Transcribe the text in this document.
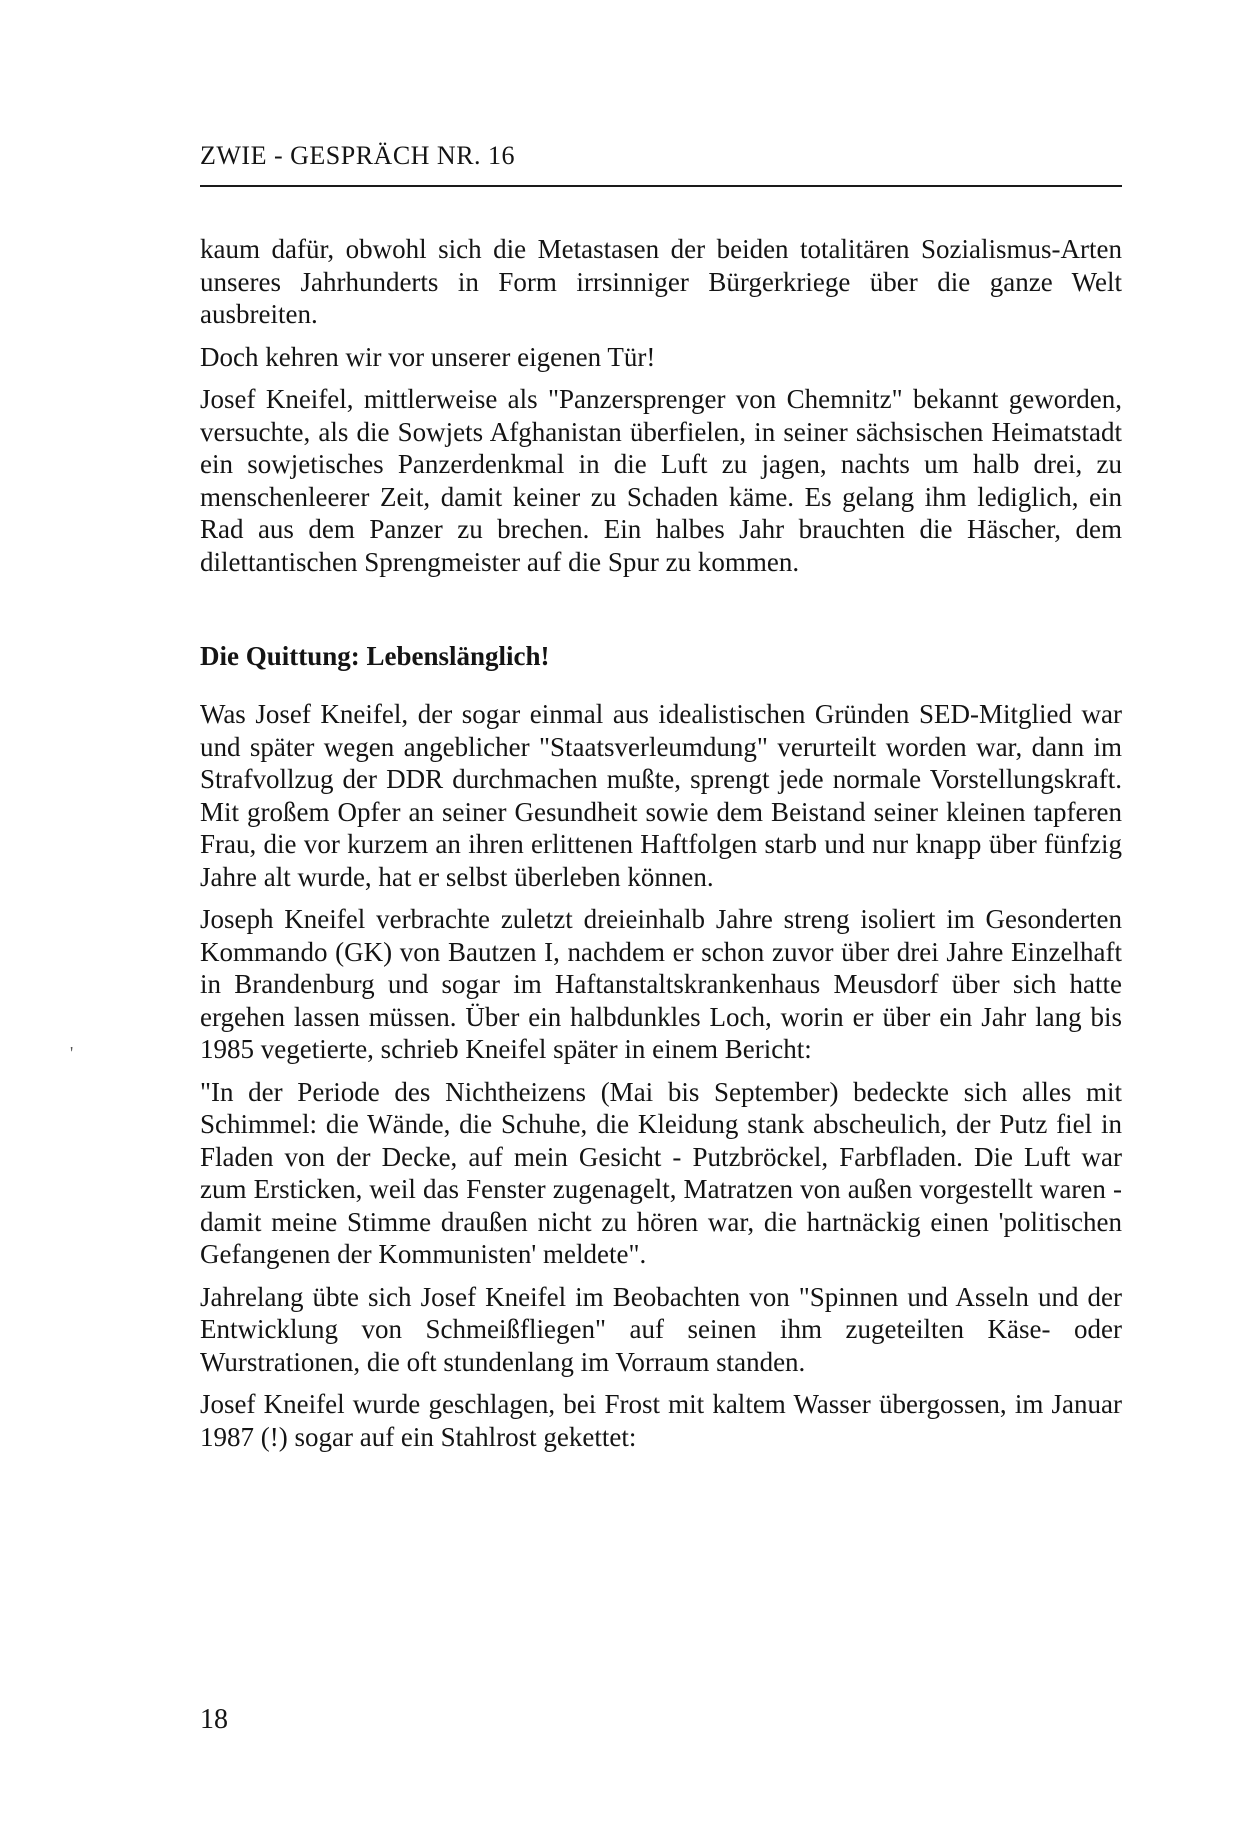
ZWIE - GESPRÄCH NR. 16

kaum dafür, obwohl sich die Metastasen der beiden totalitären Sozialismus-Arten unseres Jahrhunderts in Form irrsinniger Bürgerkriege über die ganze Welt ausbreiten.

Doch kehren wir vor unserer eigenen Tür!

Josef Kneifel, mittlerweise als "Panzersprenger von Chemnitz" bekannt geworden, versuchte, als die Sowjets Afghanistan überfielen, in seiner sächsischen Heimatstadt ein sowjetisches Panzerdenkmal in die Luft zu jagen, nachts um halb drei, zu menschenleerer Zeit, damit keiner zu Schaden käme. Es gelang ihm lediglich, ein Rad aus dem Panzer zu brechen. Ein halbes Jahr brauchten die Häscher, dem dilettantischen Sprengmeister auf die Spur zu kommen.

Die Quittung: Lebenslänglich!

Was Josef Kneifel, der sogar einmal aus idealistischen Gründen SED-Mitglied war und später wegen angeblicher "Staatsverleumdung" verurteilt worden war, dann im Strafvollzug der DDR durchmachen mußte, sprengt jede normale Vorstellungskraft. Mit großem Opfer an seiner Gesundheit sowie dem Beistand seiner kleinen tapferen Frau, die vor kurzem an ihren erlittenen Haftfolgen starb und nur knapp über fünfzig Jahre alt wurde, hat er selbst überleben können.

Joseph Kneifel verbrachte zuletzt dreieinhalb Jahre streng isoliert im Gesonderten Kommando (GK) von Bautzen I, nachdem er schon zuvor über drei Jahre Einzelhaft in Brandenburg und sogar im Haftanstaltskrankenhaus Meusdorf über sich hatte ergehen lassen müssen. Über ein halbdunkles Loch, worin er über ein Jahr lang bis 1985 vegetierte, schrieb Kneifel später in einem Bericht:

"In der Periode des Nichtheizens (Mai bis September) bedeckte sich alles mit Schimmel: die Wände, die Schuhe, die Kleidung stank abscheulich, der Putz fiel in Fladen von der Decke, auf mein Gesicht - Putzbröckel, Farbfladen. Die Luft war zum Ersticken, weil das Fenster zugenagelt, Matratzen von außen vorgestellt waren - damit meine Stimme draußen nicht zu hören war, die hartnäckig einen 'politischen Gefangenen der Kommunisten' meldete".

Jahrelang übte sich Josef Kneifel im Beobachten von "Spinnen und Asseln und der Entwicklung von Schmeißfliegen" auf seinen ihm zugeteilten Käse- oder Wurstrationen, die oft stundenlang im Vorraum standen.

Josef Kneifel wurde geschlagen, bei Frost mit kaltem Wasser übergossen, im Januar 1987 (!) sogar auf ein Stahlrost gekettet:

'
18
